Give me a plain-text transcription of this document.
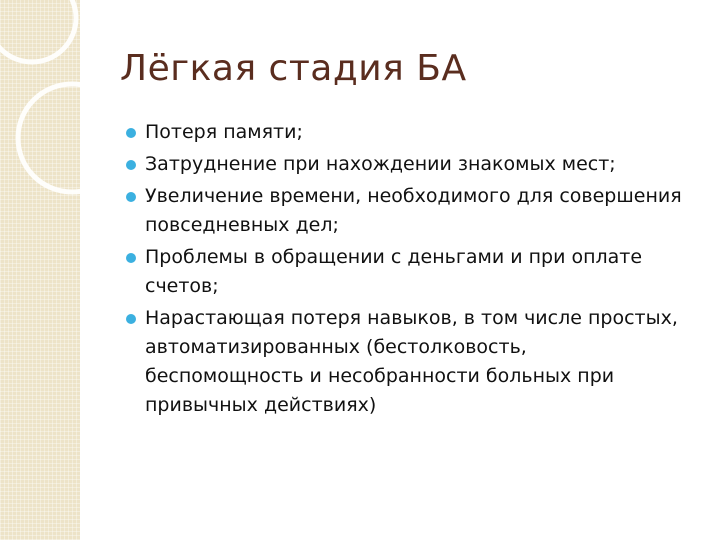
Лёгкая стадия БА
Потеря памяти;
Затруднение при нахождении знакомых мест;
Увеличение времени, необходимого для совершения повседневных дел;
Проблемы в обращении с деньгами и при оплате счетов;
Нарастающая потеря навыков, в том числе простых, автоматизированных (бестолковость, беспомощность и несобранности больных при привычных действиях)
